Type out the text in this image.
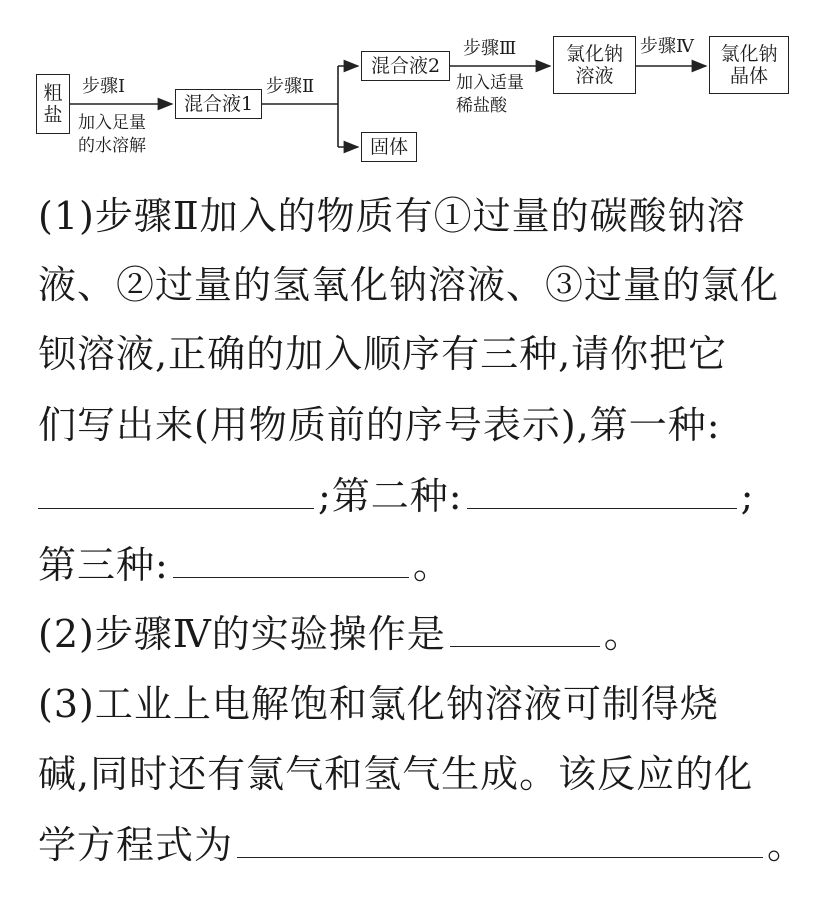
粗
盐	混合液1
混合液2
固体
氯化钠
溶液
氯化钠
晶体
步骤Ⅰ
加入足量
的水溶解
步骤Ⅱ
步骤Ⅲ
加入适量
稀盐酸
步骤Ⅳ
(1)步骤Ⅱ加入的物质有①过量的碳酸钠溶
液、②过量的氢氧化钠溶液、③过量的氯化
钡溶液,正确的加入顺序有三种,请你把它
们写出来(用物质前的序号表示),第一种:
;第二种:	;
第三种:	。
(2)步骤Ⅳ的实验操作是	。
(3)工业上电解饱和氯化钠溶液可制得烧
碱,同时还有氯气和氢气生成。该反应的化
学方程式为	。
